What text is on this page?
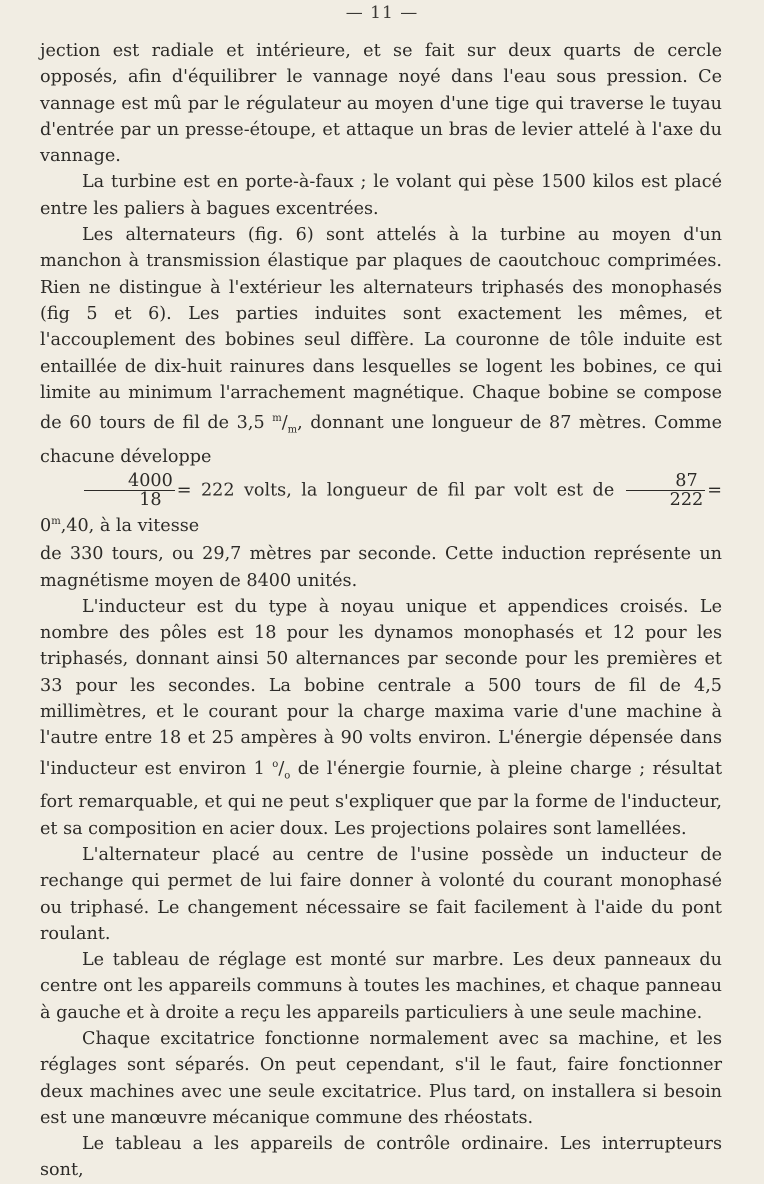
— 11 —

jection est radiale et intérieure, et se fait sur deux quarts de cercle opposés, afin d'équilibrer le vannage noyé dans l'eau sous pression. Ce vannage est mû par le régulateur au moyen d'une tige qui traverse le tuyau d'entrée par un presse-étoupe, et attaque un bras de levier attelé à l'axe du vannage.

La turbine est en porte-à-faux ; le volant qui pèse 1500 kilos est placé entre les paliers à bagues excentrées.

Les alternateurs (fig. 6) sont attelés à la turbine au moyen d'un manchon à transmission élastique par plaques de caoutchouc comprimées. Rien ne distingue à l'extérieur les alternateurs triphasés des monophasés (fig 5 et 6). Les parties induites sont exactement les mêmes, et l'accouplement des bobines seul diffère. La couronne de tôle induite est entaillée de dix-huit rainures dans lesquelles se logent les bobines, ce qui limite au minimum l'arrachement magnétique. Chaque bobine se compose de 60 tours de fil de 3,5 $^m/_m$, donnant une longueur de 87 mètres. Comme chacune développe
$\frac{4000}{18} = 222$ volts, la longueur de fil par volt est de $\frac{87}{222} = 0^m,40$, à la vitesse
de 330 tours, ou 29,7 mètres par seconde. Cette induction représente un magnétisme moyen de 8400 unités.

L'inducteur est du type à noyau unique et appendices croisés. Le nombre des pôles est 18 pour les dynamos monophasés et 12 pour les triphasés, donnant ainsi 50 alternances par seconde pour les premières et 33 pour les secondes. La bobine centrale a 500 tours de fil de 4,5 millimètres, et le courant pour la charge maxima varie d'une machine à l'autre entre 18 et 25 ampères à 90 volts environ. L'énergie dépensée dans l'inducteur est environ 1 $^o/_o$ de l'énergie fournie, à pleine charge ; résultat fort remarquable, et qui ne peut s'expliquer que par la forme de l'inducteur, et sa composition en acier doux. Les projections polaires sont lamellées.

L'alternateur placé au centre de l'usine possède un inducteur de rechange qui permet de lui faire donner à volonté du courant monophasé ou triphasé. Le changement nécessaire se fait facilement à l'aide du pont roulant.

Le tableau de réglage est monté sur marbre. Les deux panneaux du centre ont les appareils communs à toutes les machines, et chaque panneau à gauche et à droite a reçu les appareils particuliers à une seule machine.

Chaque excitatrice fonctionne normalement avec sa machine, et les réglages sont séparés. On peut cependant, s'il le faut, faire fonctionner deux machines avec une seule excitatrice. Plus tard, on installera si besoin est une manœuvre mécanique commune des rhéostats.

Le tableau a les appareils de contrôle ordinaire. Les interrupteurs sont,
